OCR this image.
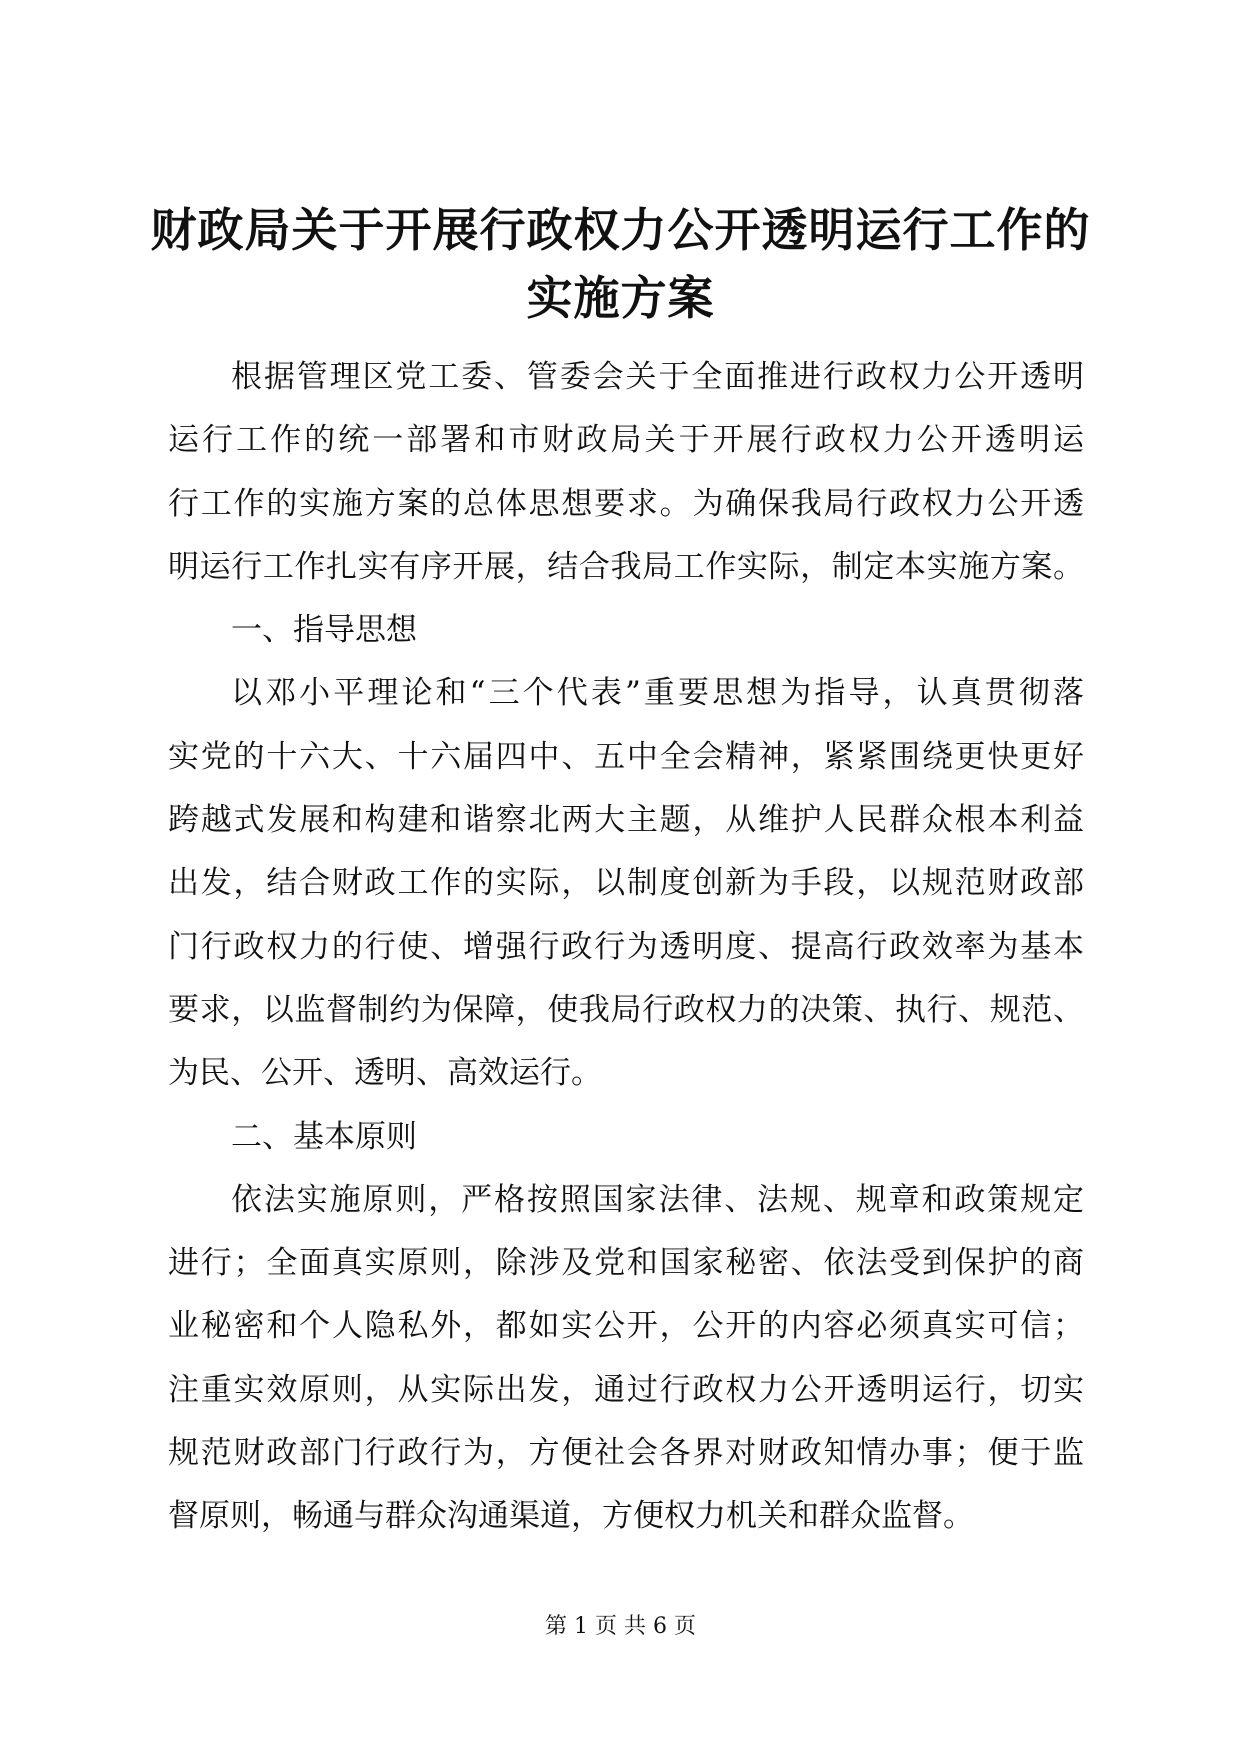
财政局关于开展行政权力公开透明运行工作的
实施方案
根据管理区党工委、管委会关于全面推进行政权力公开透明
运行工作的统一部署和市财政局关于开展行政权力公开透明运
行工作的实施方案的总体思想要求。为确保我局行政权力公开透
明运行工作扎实有序开展，结合我局工作实际，制定本实施方案。
一、指导思想
以邓小平理论和“三个代表”重要思想为指导，认真贯彻落
实党的十六大、十六届四中、五中全会精神，紧紧围绕更快更好
跨越式发展和构建和谐察北两大主题，从维护人民群众根本利益
出发，结合财政工作的实际，以制度创新为手段，以规范财政部
门行政权力的行使、增强行政行为透明度、提高行政效率为基本
要求，以监督制约为保障，使我局行政权力的决策、执行、规范、
为民、公开、透明、高效运行。
二、基本原则
依法实施原则，严格按照国家法律、法规、规章和政策规定
进行；全面真实原则，除涉及党和国家秘密、依法受到保护的商
业秘密和个人隐私外，都如实公开，公开的内容必须真实可信；
注重实效原则，从实际出发，通过行政权力公开透明运行，切实
规范财政部门行政行为，方便社会各界对财政知情办事；便于监
督原则，畅通与群众沟通渠道，方便权力机关和群众监督。
第 1 页 共 6 页
